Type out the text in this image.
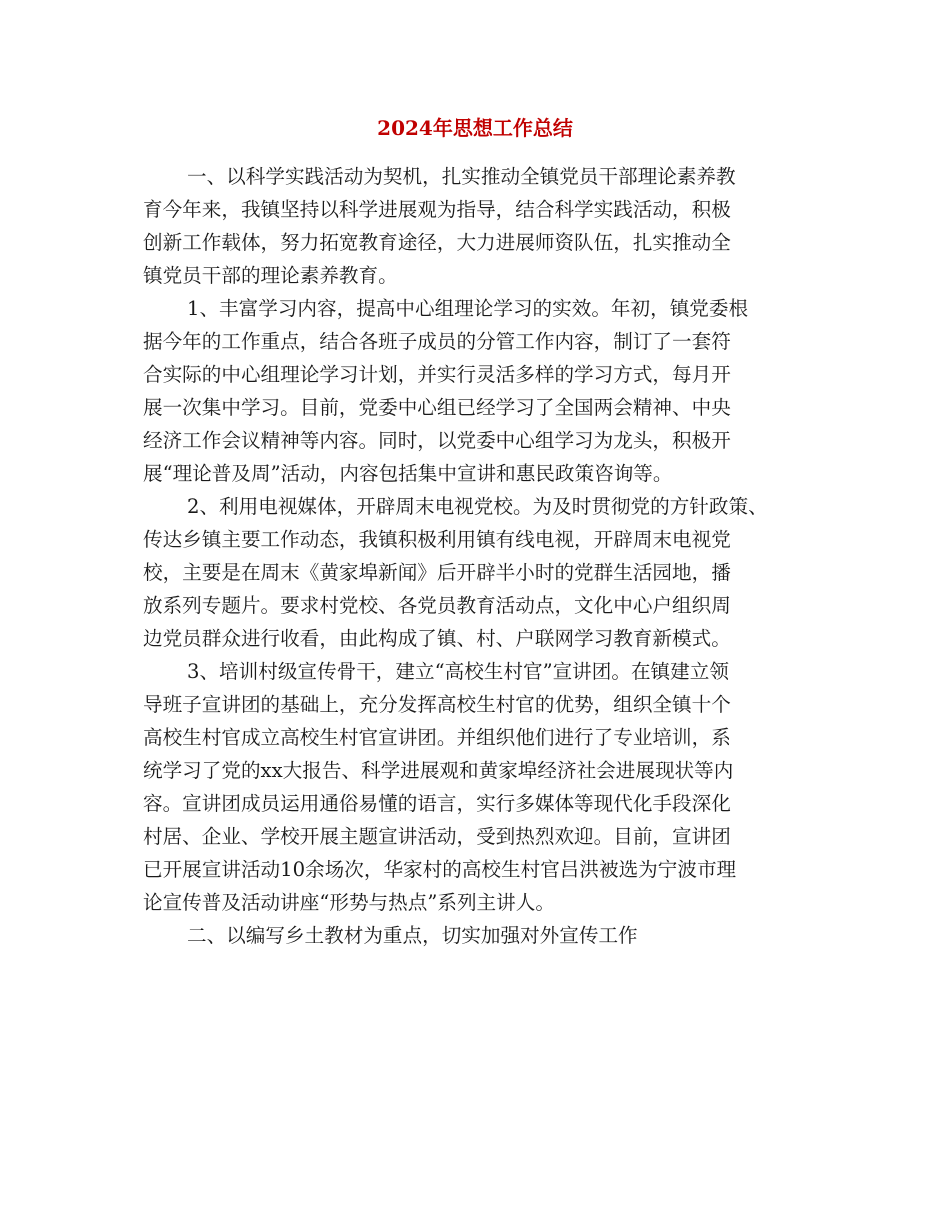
2024年思想工作总结
一、以科学实践活动为契机，扎实推动全镇党员干部理论素养教
育今年来，我镇坚持以科学进展观为指导，结合科学实践活动，积极
创新工作载体，努力拓宽教育途径，大力进展师资队伍，扎实推动全
镇党员干部的理论素养教育。
1、丰富学习内容，提高中心组理论学习的实效。年初，镇党委根
据今年的工作重点，结合各班子成员的分管工作内容，制订了一套符
合实际的中心组理论学习计划，并实行灵活多样的学习方式，每月开
展一次集中学习。目前，党委中心组已经学习了全国两会精神、中央
经济工作会议精神等内容。同时，以党委中心组学习为龙头，积极开
展“理论普及周”活动，内容包括集中宣讲和惠民政策咨询等。
2、利用电视媒体，开辟周末电视党校。为及时贯彻党的方针政策、
传达乡镇主要工作动态，我镇积极利用镇有线电视，开辟周末电视党
校，主要是在周末《黄家埠新闻》后开辟半小时的党群生活园地，播
放系列专题片。要求村党校、各党员教育活动点，文化中心户组织周
边党员群众进行收看，由此构成了镇、村、户联网学习教育新模式。
3、培训村级宣传骨干，建立“高校生村官”宣讲团。在镇建立领
导班子宣讲团的基础上，充分发挥高校生村官的优势，组织全镇十个
高校生村官成立高校生村官宣讲团。并组织他们进行了专业培训，系
统学习了党的xx大报告、科学进展观和黄家埠经济社会进展现状等内
容。宣讲团成员运用通俗易懂的语言，实行多媒体等现代化手段深化
村居、企业、学校开展主题宣讲活动，受到热烈欢迎。目前，宣讲团
已开展宣讲活动10余场次，华家村的高校生村官吕洪被选为宁波市理
论宣传普及活动讲座“形势与热点”系列主讲人。
二、以编写乡土教材为重点，切实加强对外宣传工作
